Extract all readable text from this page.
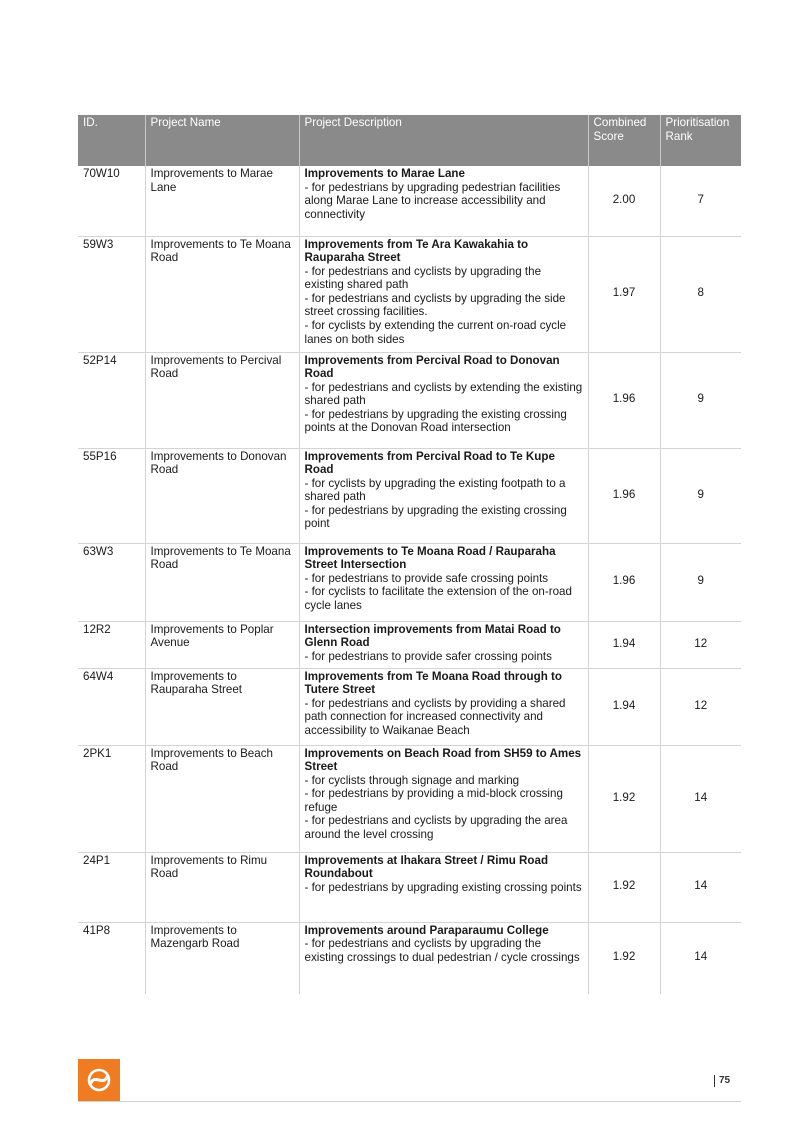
ID.	Project Name	Project Description	Combined Score	Prioritisation Rank
70W10	Improvements to Marae Lane	Improvements to Marae Lane
- for pedestrians by upgrading pedestrian facilities along Marae Lane to increase accessibility and connectivity	2.00	7
59W3	Improvements to Te Moana Road	Improvements from Te Ara Kawakahia to Rauparaha Street
- for pedestrians and cyclists by upgrading the existing shared path
- for pedestrians and cyclists by upgrading the side street crossing facilities.
- for cyclists by extending the current on-road cycle lanes on both sides	1.97	8
52P14	Improvements to Percival Road	Improvements from Percival Road to Donovan Road
- for pedestrians and cyclists by extending the existing shared path
- for pedestrians by upgrading the existing crossing points at the Donovan Road intersection	1.96	9
55P16	Improvements to Donovan Road	Improvements from Percival Road to Te Kupe Road
- for cyclists by upgrading the existing footpath to a shared path
- for pedestrians by upgrading the existing crossing point	1.96	9
63W3	Improvements to Te Moana Road	Improvements to Te Moana Road / Rauparaha Street Intersection
- for pedestrians to provide safe crossing points
- for cyclists to facilitate the extension of the on-road cycle lanes	1.96	9
12R2	Improvements to Poplar Avenue	Intersection improvements from Matai Road to Glenn Road
- for pedestrians to provide safer crossing points	1.94	12
64W4	Improvements to Rauparaha Street	Improvements from Te Moana Road through to Tutere Street
- for pedestrians and cyclists by providing a shared path connection for increased connectivity and accessibility to Waikanae Beach	1.94	12
2PK1	Improvements to Beach Road	Improvements on Beach Road from SH59 to Ames Street
- for cyclists through signage and marking
- for pedestrians by providing a mid-block crossing refuge
- for pedestrians and cyclists by upgrading the area around the level crossing	1.92	14
24P1	Improvements to Rimu Road	Improvements at Ihakara Street / Rimu Road Roundabout
- for pedestrians by upgrading existing crossing points	1.92	14
41P8	Improvements to Mazengarb Road	Improvements around Paraparaumu College
- for pedestrians and cyclists by upgrading the existing crossings to dual pedestrian / cycle crossings	1.92	14
75
